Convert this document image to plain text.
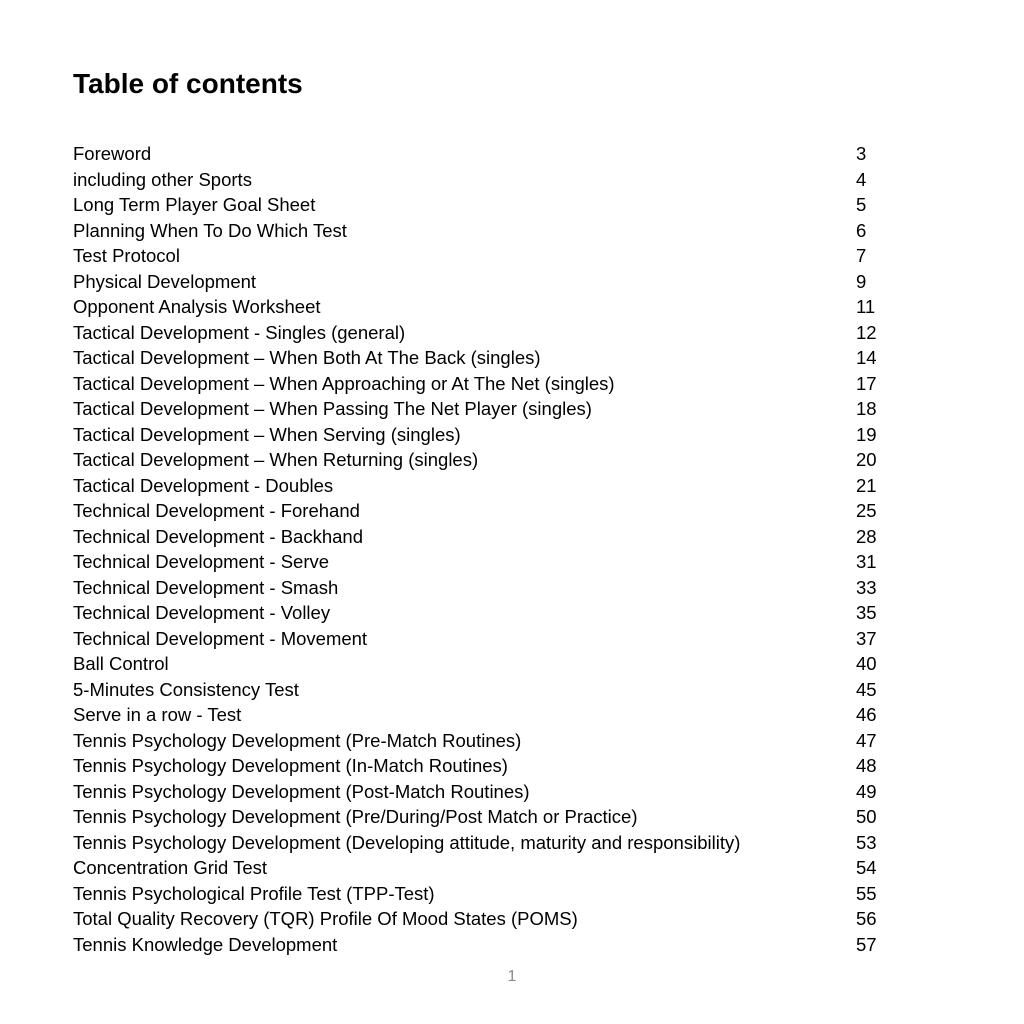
Table of contents
Foreword	3
including other Sports	4
Long Term Player Goal Sheet	5
Planning When To Do Which Test	6
Test Protocol	7
Physical Development	9
Opponent Analysis Worksheet	11
Tactical Development - Singles (general)	12
Tactical Development – When Both At The Back (singles)	14
Tactical Development – When Approaching or At The Net (singles)	17
Tactical Development – When Passing The Net Player (singles)	18
Tactical Development – When Serving (singles)	19
Tactical Development – When Returning (singles)	20
Tactical Development - Doubles	21
Technical Development - Forehand	25
Technical Development - Backhand	28
Technical Development - Serve	31
Technical Development - Smash	33
Technical Development - Volley	35
Technical Development - Movement	37
Ball Control	40
5-Minutes Consistency Test	45
Serve in a row - Test	46
Tennis Psychology Development (Pre-Match Routines)	47
Tennis Psychology Development (In-Match Routines)	48
Tennis Psychology Development (Post-Match Routines)	49
Tennis Psychology Development (Pre/During/Post Match or Practice)	50
Tennis Psychology Development (Developing attitude, maturity and responsibility)	53
Concentration Grid Test	54
Tennis Psychological Profile Test (TPP-Test)	55
Total Quality Recovery (TQR) Profile Of Mood States (POMS)	56
Tennis Knowledge Development	57
1
